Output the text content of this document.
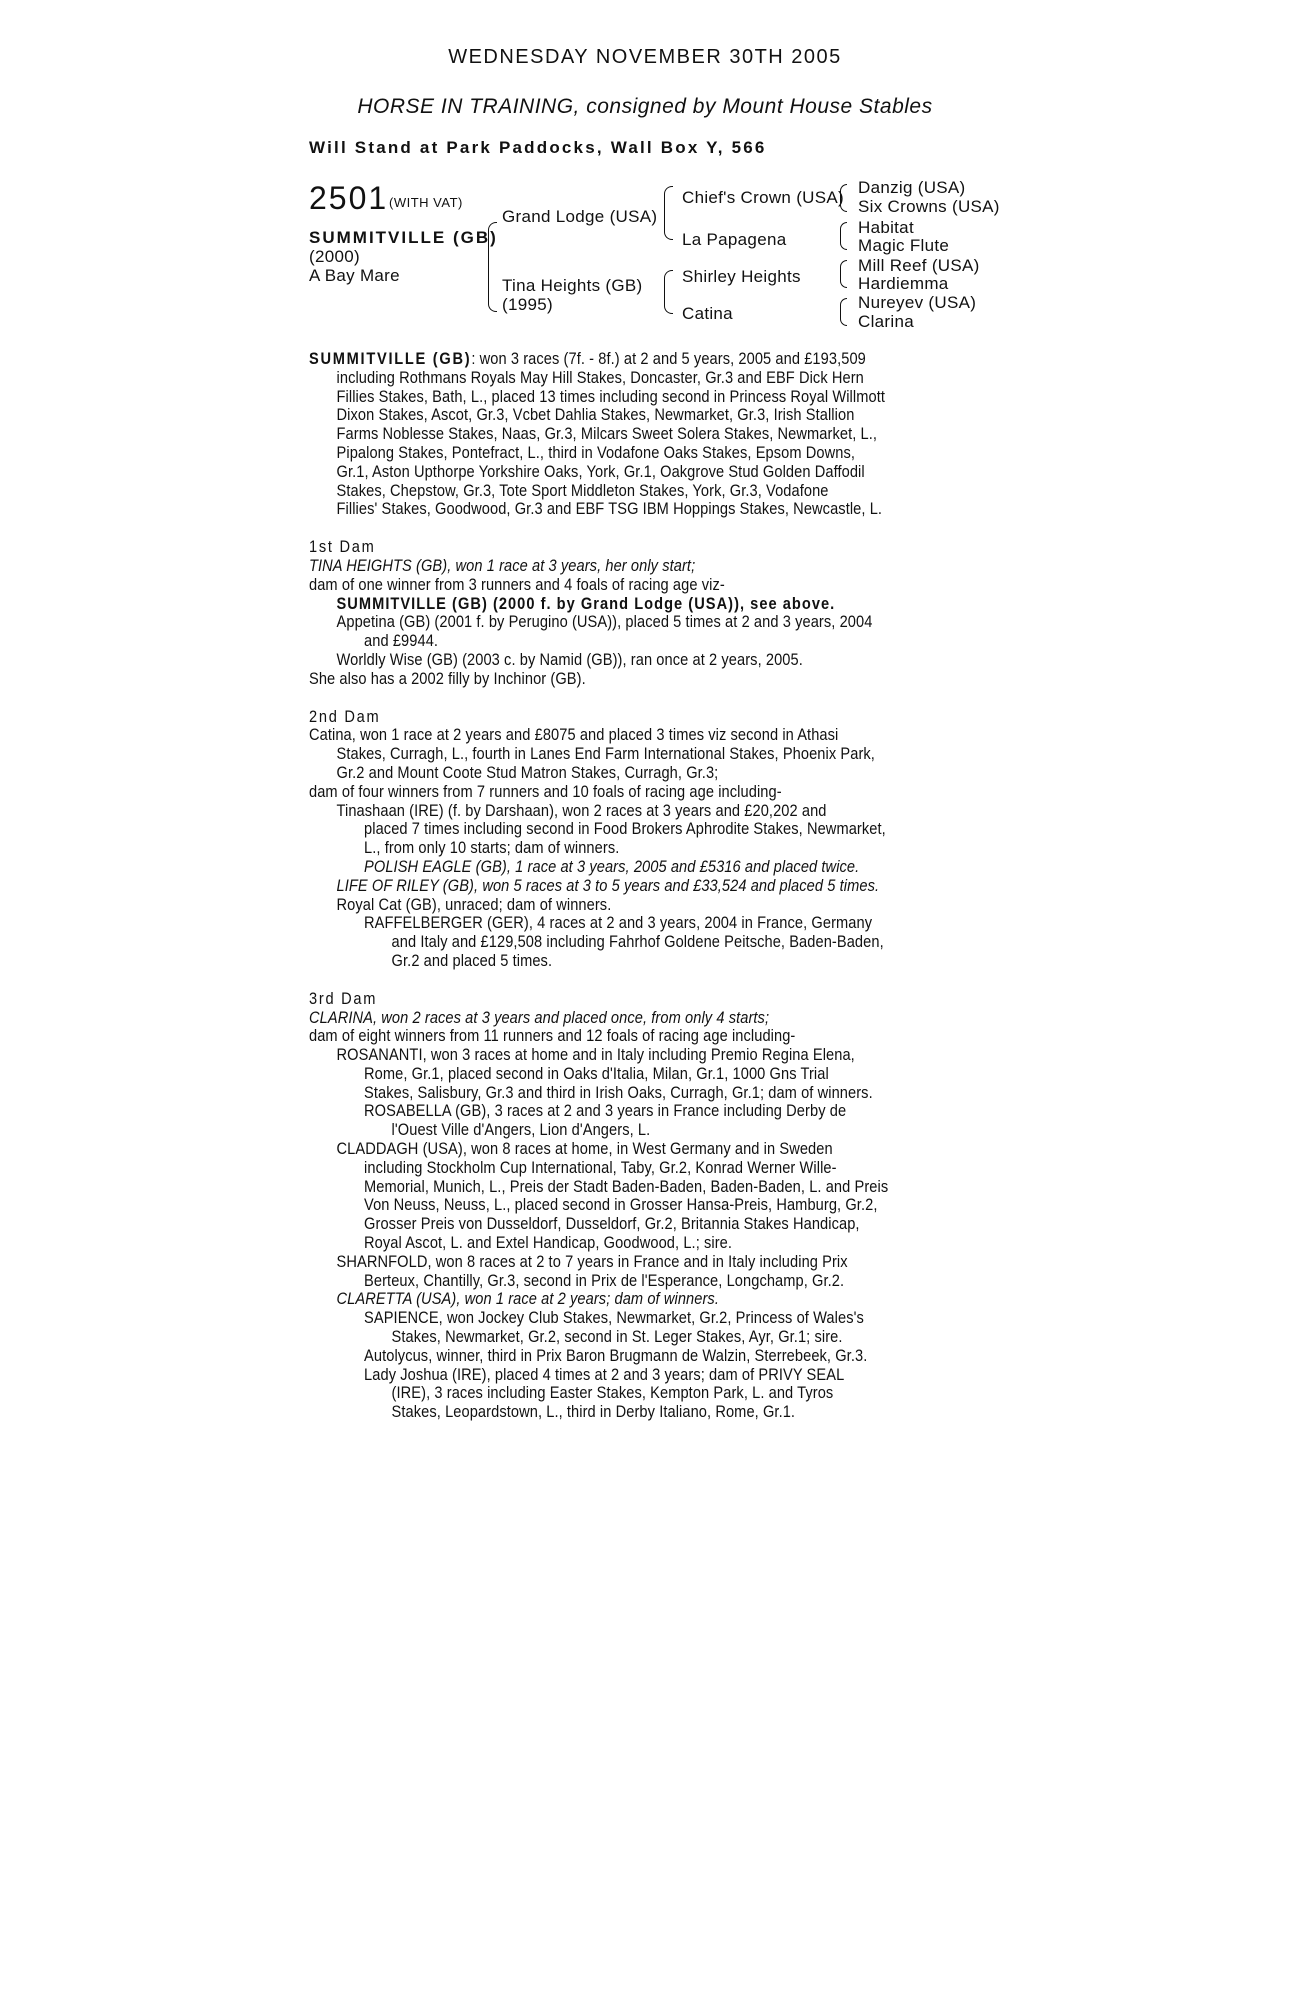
WEDNESDAY NOVEMBER 30TH 2005
HORSE IN TRAINING, consigned by Mount House Stables
Will Stand at Park Paddocks, Wall Box Y, 566
2501 (WITH VAT)
SUMMITVILLE (GB)
(2000)
A Bay Mare
Grand Lodge (USA)
Tina Heights (GB)
(1995)
Chief's Crown (USA)
La Papagena
Shirley Heights
Catina
Danzig (USA)
Six Crowns (USA)
Habitat
Magic Flute
Mill Reef (USA)
Hardiemma
Nureyev (USA)
Clarina
SUMMITVILLE (GB): won 3 races (7f. - 8f.) at 2 and 5 years, 2005 and £193,509
including Rothmans Royals May Hill Stakes, Doncaster, Gr.3 and EBF Dick Hern
Fillies Stakes, Bath, L., placed 13 times including second in Princess Royal Willmott
Dixon Stakes, Ascot, Gr.3, Vcbet Dahlia Stakes, Newmarket, Gr.3, Irish Stallion
Farms Noblesse Stakes, Naas, Gr.3, Milcars Sweet Solera Stakes, Newmarket, L.,
Pipalong Stakes, Pontefract, L., third in Vodafone Oaks Stakes, Epsom Downs,
Gr.1, Aston Upthorpe Yorkshire Oaks, York, Gr.1, Oakgrove Stud Golden Daffodil
Stakes, Chepstow, Gr.3, Tote Sport Middleton Stakes, York, Gr.3, Vodafone
Fillies' Stakes, Goodwood, Gr.3 and EBF TSG IBM Hoppings Stakes, Newcastle, L.
1st Dam
TINA HEIGHTS (GB), won 1 race at 3 years, her only start;
dam of one winner from 3 runners and 4 foals of racing age viz-
SUMMITVILLE (GB) (2000 f. by Grand Lodge (USA)), see above.
Appetina (GB) (2001 f. by Perugino (USA)), placed 5 times at 2 and 3 years, 2004
and £9944.
Worldly Wise (GB) (2003 c. by Namid (GB)), ran once at 2 years, 2005.
She also has a 2002 filly by Inchinor (GB).
2nd Dam
Catina, won 1 race at 2 years and £8075 and placed 3 times viz second in Athasi
Stakes, Curragh, L., fourth in Lanes End Farm International Stakes, Phoenix Park,
Gr.2 and Mount Coote Stud Matron Stakes, Curragh, Gr.3;
dam of four winners from 7 runners and 10 foals of racing age including-
Tinashaan (IRE) (f. by Darshaan), won 2 races at 3 years and £20,202 and
placed 7 times including second in Food Brokers Aphrodite Stakes, Newmarket,
L., from only 10 starts; dam of winners.
POLISH EAGLE (GB), 1 race at 3 years, 2005 and £5316 and placed twice.
LIFE OF RILEY (GB), won 5 races at 3 to 5 years and £33,524 and placed 5 times.
Royal Cat (GB), unraced; dam of winners.
RAFFELBERGER (GER), 4 races at 2 and 3 years, 2004 in France, Germany
and Italy and £129,508 including Fahrhof Goldene Peitsche, Baden-Baden,
Gr.2 and placed 5 times.
3rd Dam
CLARINA, won 2 races at 3 years and placed once, from only 4 starts;
dam of eight winners from 11 runners and 12 foals of racing age including-
ROSANANTI, won 3 races at home and in Italy including Premio Regina Elena,
Rome, Gr.1, placed second in Oaks d'Italia, Milan, Gr.1, 1000 Gns Trial
Stakes, Salisbury, Gr.3 and third in Irish Oaks, Curragh, Gr.1; dam of winners.
ROSABELLA (GB), 3 races at 2 and 3 years in France including Derby de
l'Ouest Ville d'Angers, Lion d'Angers, L.
CLADDAGH (USA), won 8 races at home, in West Germany and in Sweden
including Stockholm Cup International, Taby, Gr.2, Konrad Werner Wille-
Memorial, Munich, L., Preis der Stadt Baden-Baden, Baden-Baden, L. and Preis
Von Neuss, Neuss, L., placed second in Grosser Hansa-Preis, Hamburg, Gr.2,
Grosser Preis von Dusseldorf, Dusseldorf, Gr.2, Britannia Stakes Handicap,
Royal Ascot, L. and Extel Handicap, Goodwood, L.; sire.
SHARNFOLD, won 8 races at 2 to 7 years in France and in Italy including Prix
Berteux, Chantilly, Gr.3, second in Prix de l'Esperance, Longchamp, Gr.2.
CLARETTA (USA), won 1 race at 2 years; dam of winners.
SAPIENCE, won Jockey Club Stakes, Newmarket, Gr.2, Princess of Wales's
Stakes, Newmarket, Gr.2, second in St. Leger Stakes, Ayr, Gr.1; sire.
Autolycus, winner, third in Prix Baron Brugmann de Walzin, Sterrebeek, Gr.3.
Lady Joshua (IRE), placed 4 times at 2 and 3 years; dam of PRIVY SEAL
(IRE), 3 races including Easter Stakes, Kempton Park, L. and Tyros
Stakes, Leopardstown, L., third in Derby Italiano, Rome, Gr.1.
